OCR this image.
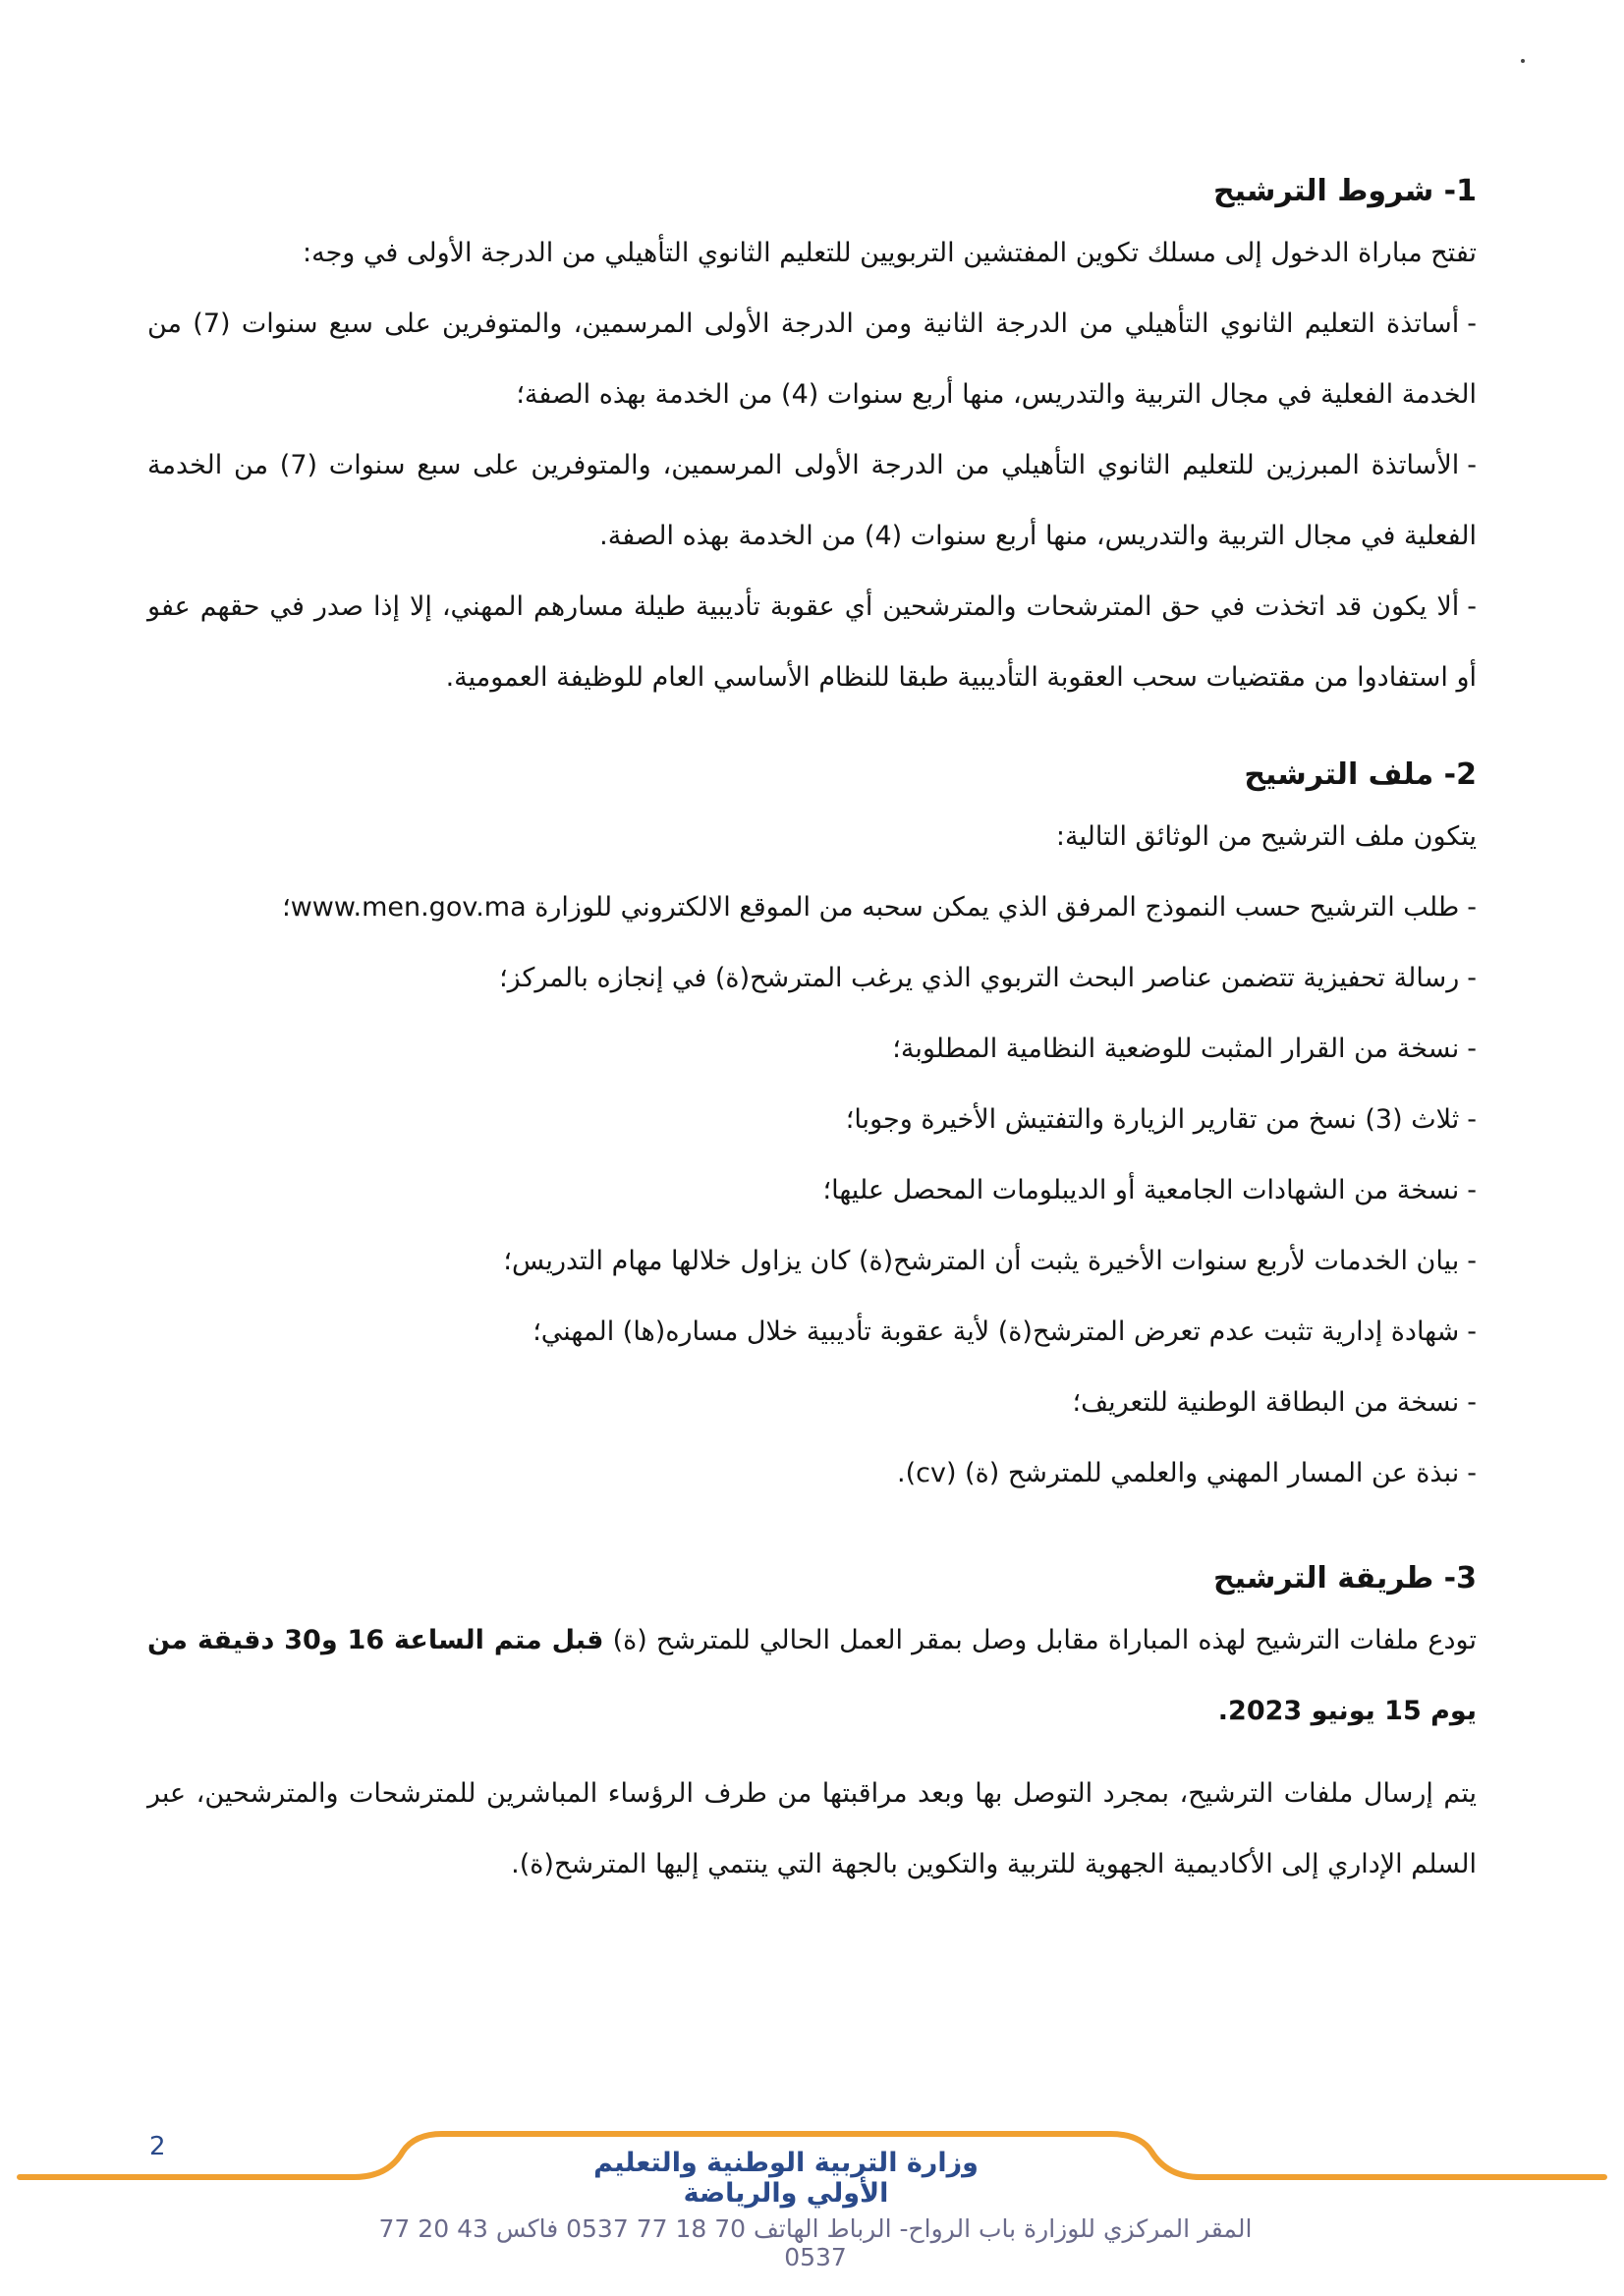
1- شروط الترشيح

تفتح مباراة الدخول إلى مسلك تكوين المفتشين التربويين للتعليم الثانوي التأهيلي من الدرجة الأولى في وجه:

-أساتذة التعليم الثانوي التأهيلي من الدرجة الثانية ومن الدرجة الأولى المرسمين، والمتوفرين على سبع سنوات (7) من الخدمة الفعلية في مجال التربية والتدريس، منها أربع سنوات (4) من الخدمة بهذه الصفة؛

-الأساتذة المبرزين للتعليم الثانوي التأهيلي من الدرجة الأولى المرسمين، والمتوفرين على سبع سنوات (7) من الخدمة الفعلية في مجال التربية والتدريس، منها أربع سنوات (4) من الخدمة بهذه الصفة.

-ألا يكون قد اتخذت في حق المترشحات والمترشحين أي عقوبة تأديبية طيلة مسارهم المهني، إلا إذا صدر في حقهم عفو أو استفادوا من مقتضيات سحب العقوبة التأديبية طبقا للنظام الأساسي العام للوظيفة العمومية.

2- ملف الترشيح

يتكون ملف الترشيح من الوثائق التالية:

-طلب الترشيح حسب النموذج المرفق الذي يمكن سحبه من الموقع الالكتروني للوزارة www.men.gov.ma؛

-رسالة تحفيزية تتضمن عناصر البحث التربوي الذي يرغب المترشح(ة) في إنجازه بالمركز؛

-نسخة من القرار المثبت للوضعية النظامية المطلوبة؛

-ثلاث (3) نسخ من تقارير الزيارة والتفتيش الأخيرة وجوبا؛

-نسخة من الشهادات الجامعية أو الديبلومات المحصل عليها؛

-بيان الخدمات لأربع سنوات الأخيرة يثبت أن المترشح(ة) كان يزاول خلالها مهام التدريس؛

-شهادة إدارية تثبت عدم تعرض المترشح(ة) لأية عقوبة تأديبية خلال مساره(ها) المهني؛

-نسخة من البطاقة الوطنية للتعريف؛

-نبذة عن المسار المهني والعلمي للمترشح (ة) (cv).

3- طريقة الترشيح

تودع ملفات الترشيح لهذه المباراة مقابل وصل بمقر العمل الحالي للمترشح (ة) قبل متم الساعة 16 و30 دقيقة من يوم 15 يونيو 2023.

يتم إرسال ملفات الترشيح، بمجرد التوصل بها وبعد مراقبتها من طرف الرؤساء المباشرين للمترشحات والمترشحين، عبر السلم الإداري إلى الأكاديمية الجهوية للتربية والتكوين بالجهة التي ينتمي إليها المترشح(ة).

2
وزارة التربية الوطنية والتعليم الأولي والرياضة
المقر المركزي للوزارة باب الرواح- الرباط الهاتف 70 18 77 0537 فاكس 43 20 77 0537
